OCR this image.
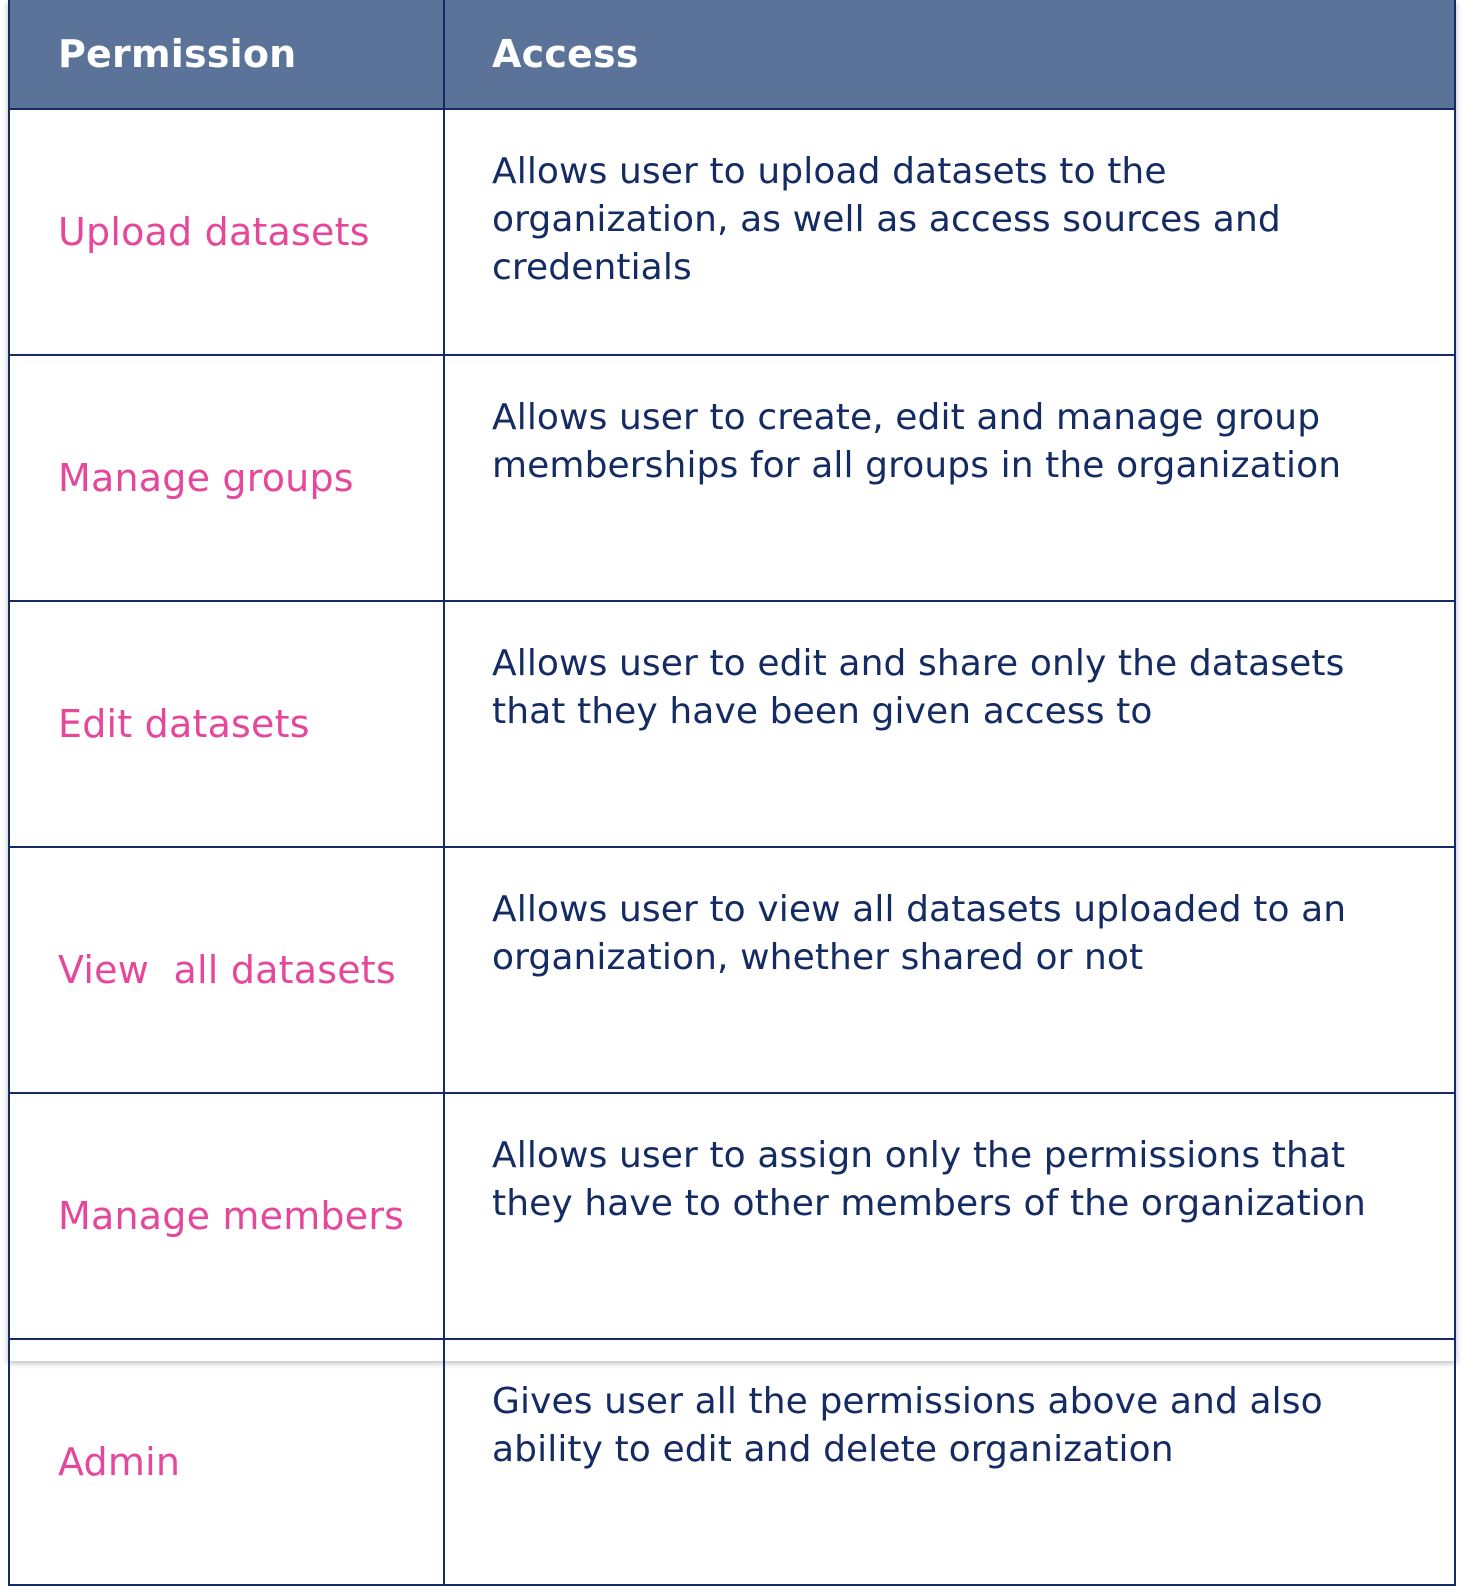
Permission	Access
Upload datasets	Allows user to upload datasets to the organization, as well as access sources and credentials
Manage groups	Allows user to create, edit and manage group memberships for all groups in the organization
Edit datasets	Allows user to edit and share only the datasets that they have been given access to
View  all datasets	Allows user to view all datasets uploaded to an organization, whether shared or not
Manage members	Allows user to assign only the permissions that they have to other members of the organization
Admin	Gives user all the permissions above and also ability to edit and delete organization
